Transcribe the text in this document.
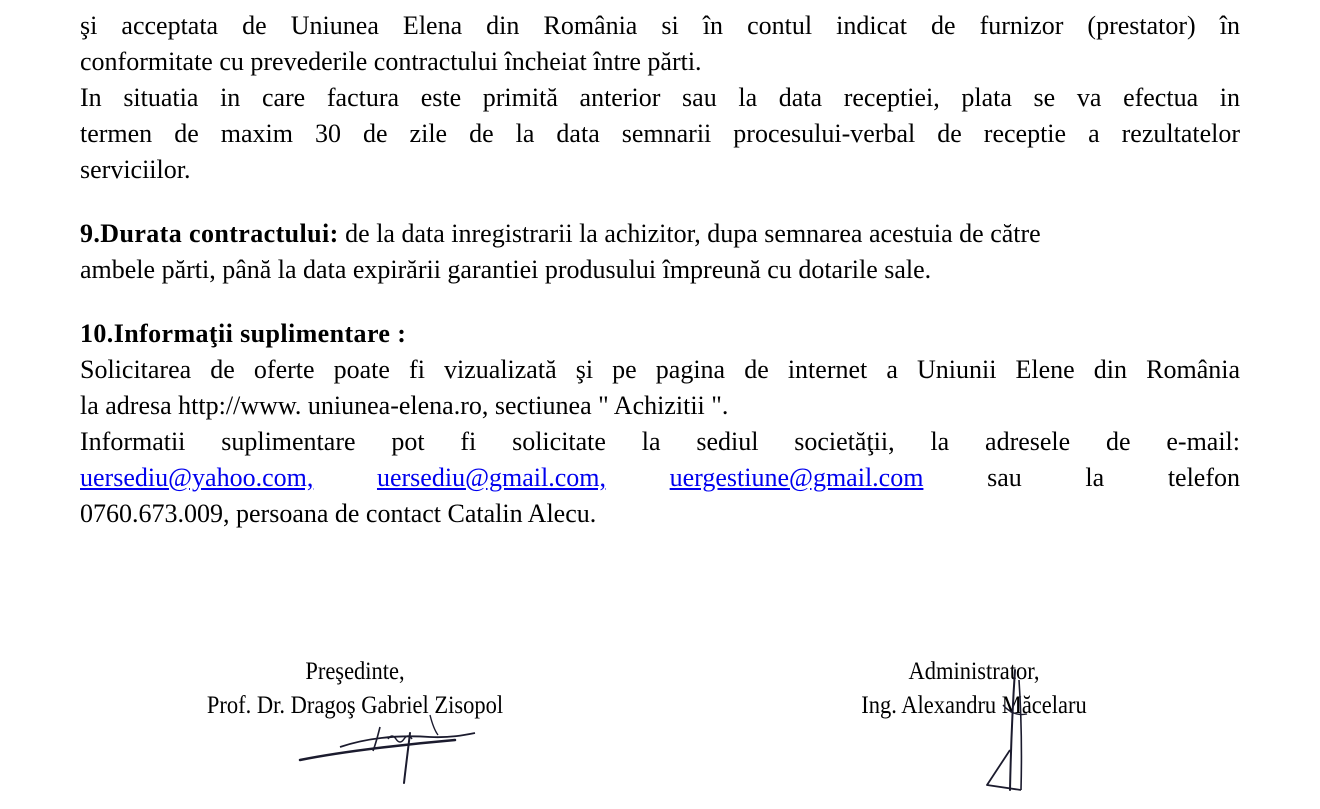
şi acceptata de Uniunea Elena din România si în contul indicat de furnizor (prestator) în

conformitate cu prevederile contractului încheiat între părti.

In situatia in care factura este primită anterior sau la data receptiei, plata se va efectua in

termen de maxim 30 de zile de la data semnarii procesului-verbal de receptie a rezultatelor

serviciilor.

9.Durata contractului: de la data inregistrarii la achizitor, dupa semnarea acestuia de către

ambele părti, până la data expirării garantiei produsului împreună cu dotarile sale.

10.Informaţii suplimentare :

Solicitarea de oferte poate fi vizualizată şi pe pagina de internet a Uniunii Elene din România

la adresa http://www. uniunea-elena.ro, sectiunea " Achizitii ".

Informatii suplimentare pot fi solicitate la sediul societăţii, la adresele de e-mail:

uersediu@yahoo.com, uersediu@gmail.com, uergestiune@gmail.com sau la telefon

0760.673.009, persoana de contact Catalin Alecu.

Preşedinte,
Prof. Dr. Dragoş Gabriel Zisopol
Administrator,
Ing. Alexandru Măcelaru
